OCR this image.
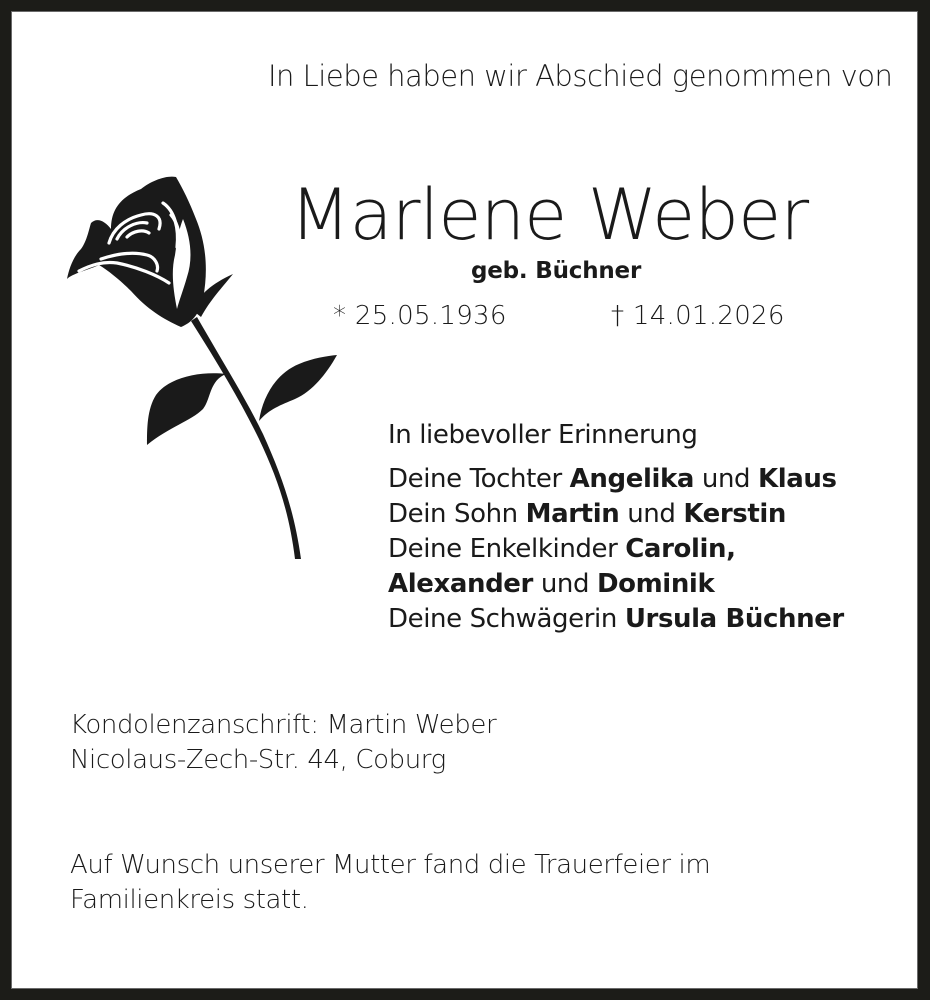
In Liebe haben wir Abschied genommen von
Marlene Weber
geb. Büchner
* 25.05.1936	† 14.01.2026
In liebevoller Erinnerung
Deine Tochter Angelika und Klaus
Dein Sohn Martin und Kerstin
Deine Enkelkinder Carolin,
Alexander und Dominik
Deine Schwägerin Ursula Büchner
Kondolenzanschrift: Martin Weber
Nicolaus-Zech-Str. 44, Coburg
Auf Wunsch unserer Mutter fand die Trauerfeier im
Familienkreis statt.
